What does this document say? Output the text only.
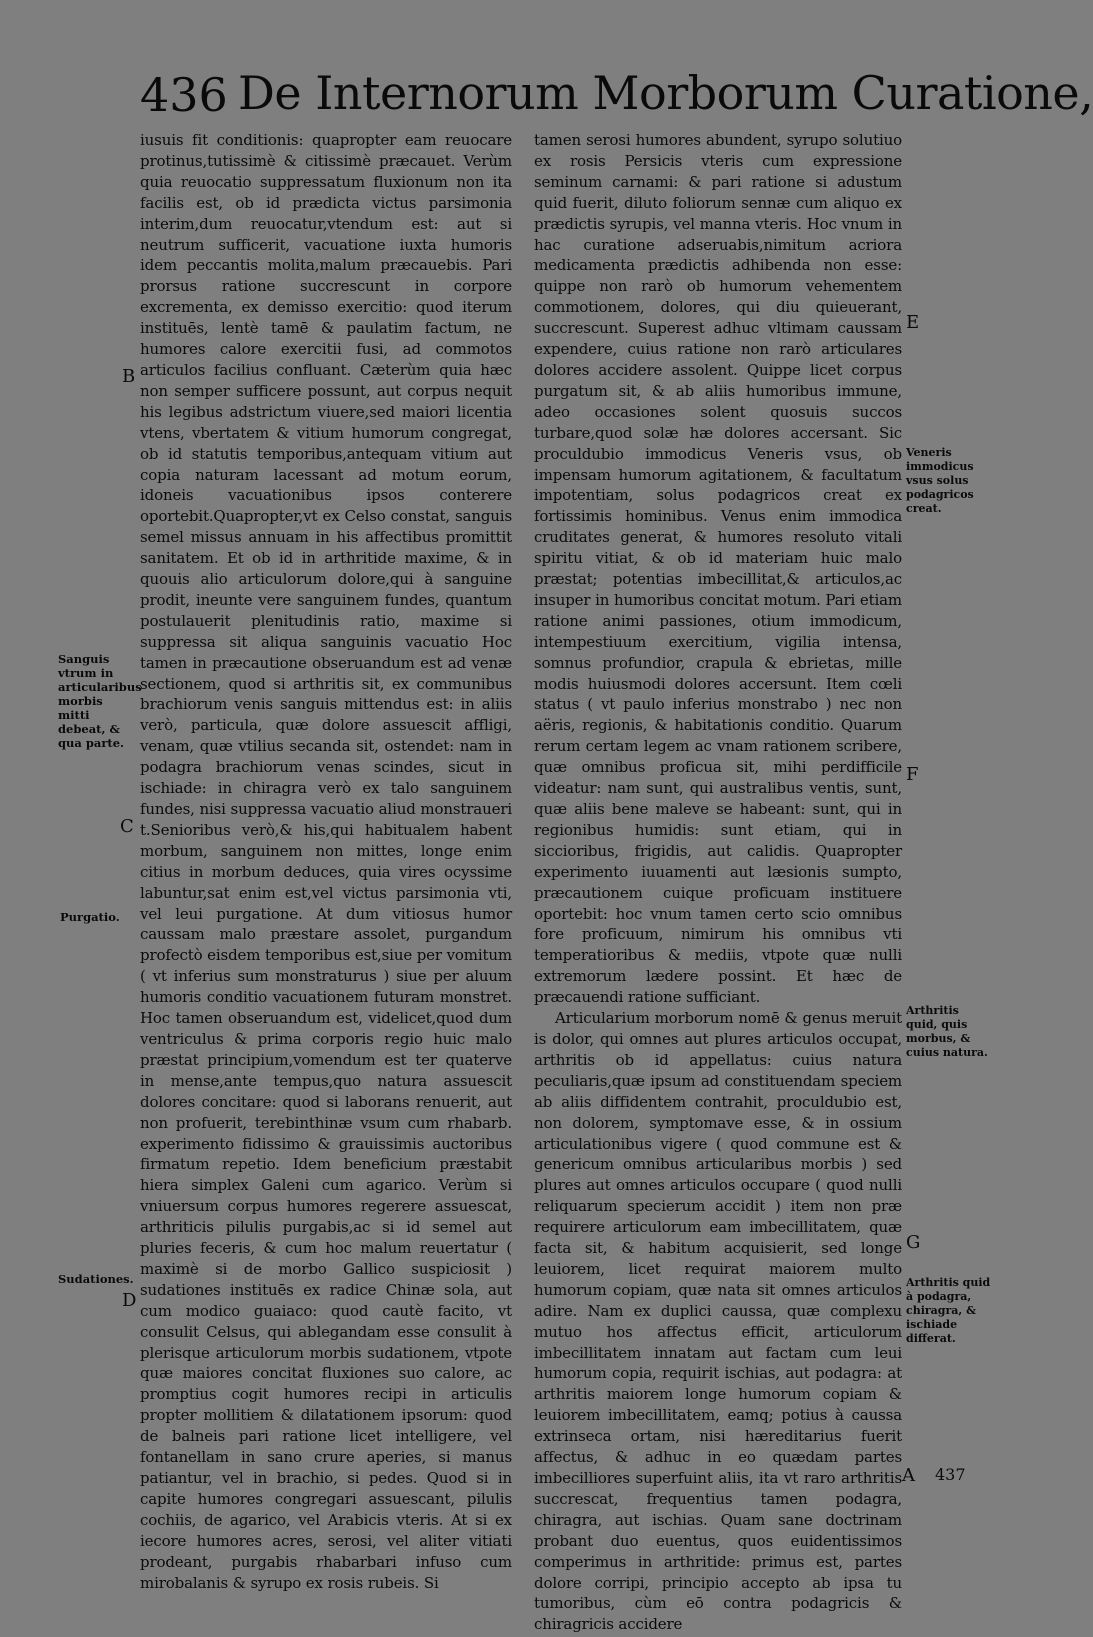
436 De Internorum Morborum Curatione,

iusuis fit conditionis: quapropter eam reuocare protinus,tutissimè & citissimè præcauet. Verùm quia reuocatio suppressatum fluxionum non ita facilis est, ob id prædicta victus parsimonia interim,dum reuocatur,vtendum est: aut si neutrum sufficerit, vacuatione iuxta humoris idem peccantis molita,malum præcauebis. Pari prorsus ratione succrescunt in corpore excrementa, ex demisso exercitio: quod iterum instituēs, lentè tamē & paulatim factum, ne humores calore exercitii fusi, ad commotos articulos facilius confluant. Cæterùm quia hæc non semper sufficere possunt, aut corpus nequit his legibus adstrictum viuere,sed maiori licentia vtens, vbertatem & vitium humorum congregat, ob id statutis temporibus,antequam vitium aut copia naturam lacessant ad motum eorum, idoneis vacuationibus ipsos conterere oportebit.Quapropter,vt ex Celso constat, sanguis semel missus annuam in his affectibus promittit sanitatem. Et ob id in arthritide maxime, & in quouis alio articulorum dolore,qui à sanguine prodit, ineunte vere sanguinem fundes, quantum postulauerit plenitudinis ratio, maxime si suppressa sit aliqua sanguinis vacuatio Hoc tamen in præcautione obseruandum est ad venæ sectionem, quod si arthritis sit, ex communibus brachiorum venis sanguis mittendus est: in aliis verò, particula, quæ dolore assuescit affligi, venam, quæ vtilius secanda sit, ostendet: nam in podagra brachiorum venas scindes, sicut in ischiade: in chiragra verò ex talo sanguinem fundes, nisi suppressa vacuatio aliud monstraueri t.Senioribus verò,& his,qui habitualem habent morbum, sanguinem non mittes, longe enim citius in morbum deduces, quia vires ocyssime labuntur,sat enim est,vel victus parsimonia vti, vel leui purgatione. At dum vitiosus humor caussam malo præstare assolet, purgandum profectò eisdem temporibus est,siue per vomitum ( vt inferius sum monstraturus ) siue per aluum humoris conditio vacuationem futuram monstret. Hoc tamen obseruandum est, videlicet,quod dum ventriculus & prima corporis regio huic malo præstat principium,vomendum est ter quaterve in mense,ante tempus,quo natura assuescit dolores concitare: quod si laborans renuerit, aut non profuerit, terebinthinæ vsum cum rhabarb. experimento fidissimo & grauissimis auctoribus firmatum repetio. Idem beneficium præstabit hiera simplex Galeni cum agarico. Verùm si vniuersum corpus humores regerere assuescat, arthriticis pilulis purgabis,ac si id semel aut pluries feceris, & cum hoc malum reuertatur ( maximè si de morbo Gallico suspiciosit ) sudationes instituēs ex radice Chinæ sola, aut cum modico guaiaco: quod cautè facito, vt consulit Celsus, qui ablegandam esse consulit à plerisque articulorum morbis sudationem, vtpote quæ maiores concitat fluxiones suo calore, ac promptius cogit humores recipi in articulis propter mollitiem & dilatationem ipsorum: quod de balneis pari ratione licet intelligere, vel fontanellam in sano crure aperies, si manus patiantur, vel in brachio, si pedes. Quod si in capite humores congregari assuescant, pilulis cochiis, de agarico, vel Arabicis vteris. At si ex iecore humores acres, serosi, vel aliter vitiati prodeant, purgabis rhabarbari infuso cum mirobalanis & syrupo ex rosis rubeis. Si

tamen serosi humores abundent, syrupo solutiuo ex rosis Persicis vteris cum expressione seminum carnami: & pari ratione si adustum quid fuerit, diluto foliorum sennæ cum aliquo ex prædictis syrupis, vel manna vteris. Hoc vnum in hac curatione adseruabis,nimitum acriora medicamenta prædictis adhibenda non esse: quippe non rarò ob humorum vehementem commotionem, dolores, qui diu quieuerant, succrescunt. Superest adhuc vltimam caussam expendere, cuius ratione non rarò articulares dolores accidere assolent. Quippe licet corpus purgatum sit, & ab aliis humoribus immune, adeo occasiones solent quosuis succos turbare,quod solæ hæ dolores accersant. Sic proculdubio immodicus Veneris vsus, ob impensam humorum agitationem, & facultatum impotentiam, solus podagricos creat ex fortissimis hominibus. Venus enim immodica cruditates generat, & humores resoluto vitali spiritu vitiat, & ob id materiam huic malo præstat; potentias imbecillitat,& articulos,ac insuper in humoribus concitat motum. Pari etiam ratione animi passiones, otium immodicum, intempestiuum exercitium, vigilia intensa, somnus profundior, crapula & ebrietas, mille modis huiusmodi dolores accersunt. Item cœli status ( vt paulo inferius monstrabo ) nec non aëris, regionis, & habitationis conditio. Quarum rerum certam legem ac vnam rationem scribere, quæ omnibus proficua sit, mihi perdifficile videatur: nam sunt, qui australibus ventis, sunt, quæ aliis bene maleve se habeant: sunt, qui in regionibus humidis: sunt etiam, qui in siccioribus, frigidis, aut calidis. Quapropter experimento iuuamenti aut læsionis sumpto, præcautionem cuique proficuam instituere oportebit: hoc vnum tamen certo scio omnibus fore proficuum, nimirum his omnibus vti temperatioribus & mediis, vtpote quæ nulli extremorum lædere possint. Et hæc de præcauendi ratione sufficiant.

Articularium morborum nomē & genus meruit is dolor, qui omnes aut plures articulos occupat, arthritis ob id appellatus: cuius natura peculiaris,quæ ipsum ad constituendam speciem ab aliis diffidentem contrahit, proculdubio est, non dolorem, symptomave esse, & in ossium articulationibus vigere ( quod commune est & genericum omnibus articularibus morbis ) sed plures aut omnes articulos occupare ( quod nulli reliquarum specierum accidit ) item non præ requirere articulorum eam imbecillitatem, quæ facta sit, & habitum acquisierit, sed longe leuiorem, licet requirat maiorem multo humorum copiam, quæ nata sit omnes articulos adire. Nam ex duplici caussa, quæ complexu mutuo hos affectus efficit, articulorum imbecillitatem innatam aut factam cum leui humorum copia, requirit ischias, aut podagra: at arthritis maiorem longe humorum copiam & leuiorem imbecillitatem, eamq; potius à caussa extrinseca ortam, nisi hæreditarius fuerit affectus, & adhuc in eo quædam partes imbecilliores superfuint aliis, ita vt raro arthritis succrescat, frequentius tamen podagra, chiragra, aut ischias. Quam sane doctrinam probant duo euentus, quos euidentissimos comperimus in arthritide: primus est, partes dolore corripi, principio accepto ab ipsa tu tumoribus, cùm eō contra podagricis & chiragricis accidere

Sanguis vtrum in articularibus morbis mitti debeat, & qua parte.
Purgatio.
Sudationes.
Veneris immodicus vsus solus podagricos creat.
Arthritis quid, quis morbus, & cuius natura.
Arthritis quid à podagra, chiragra, & ischiade differat.
B
C
D
E
F
G
A 437
